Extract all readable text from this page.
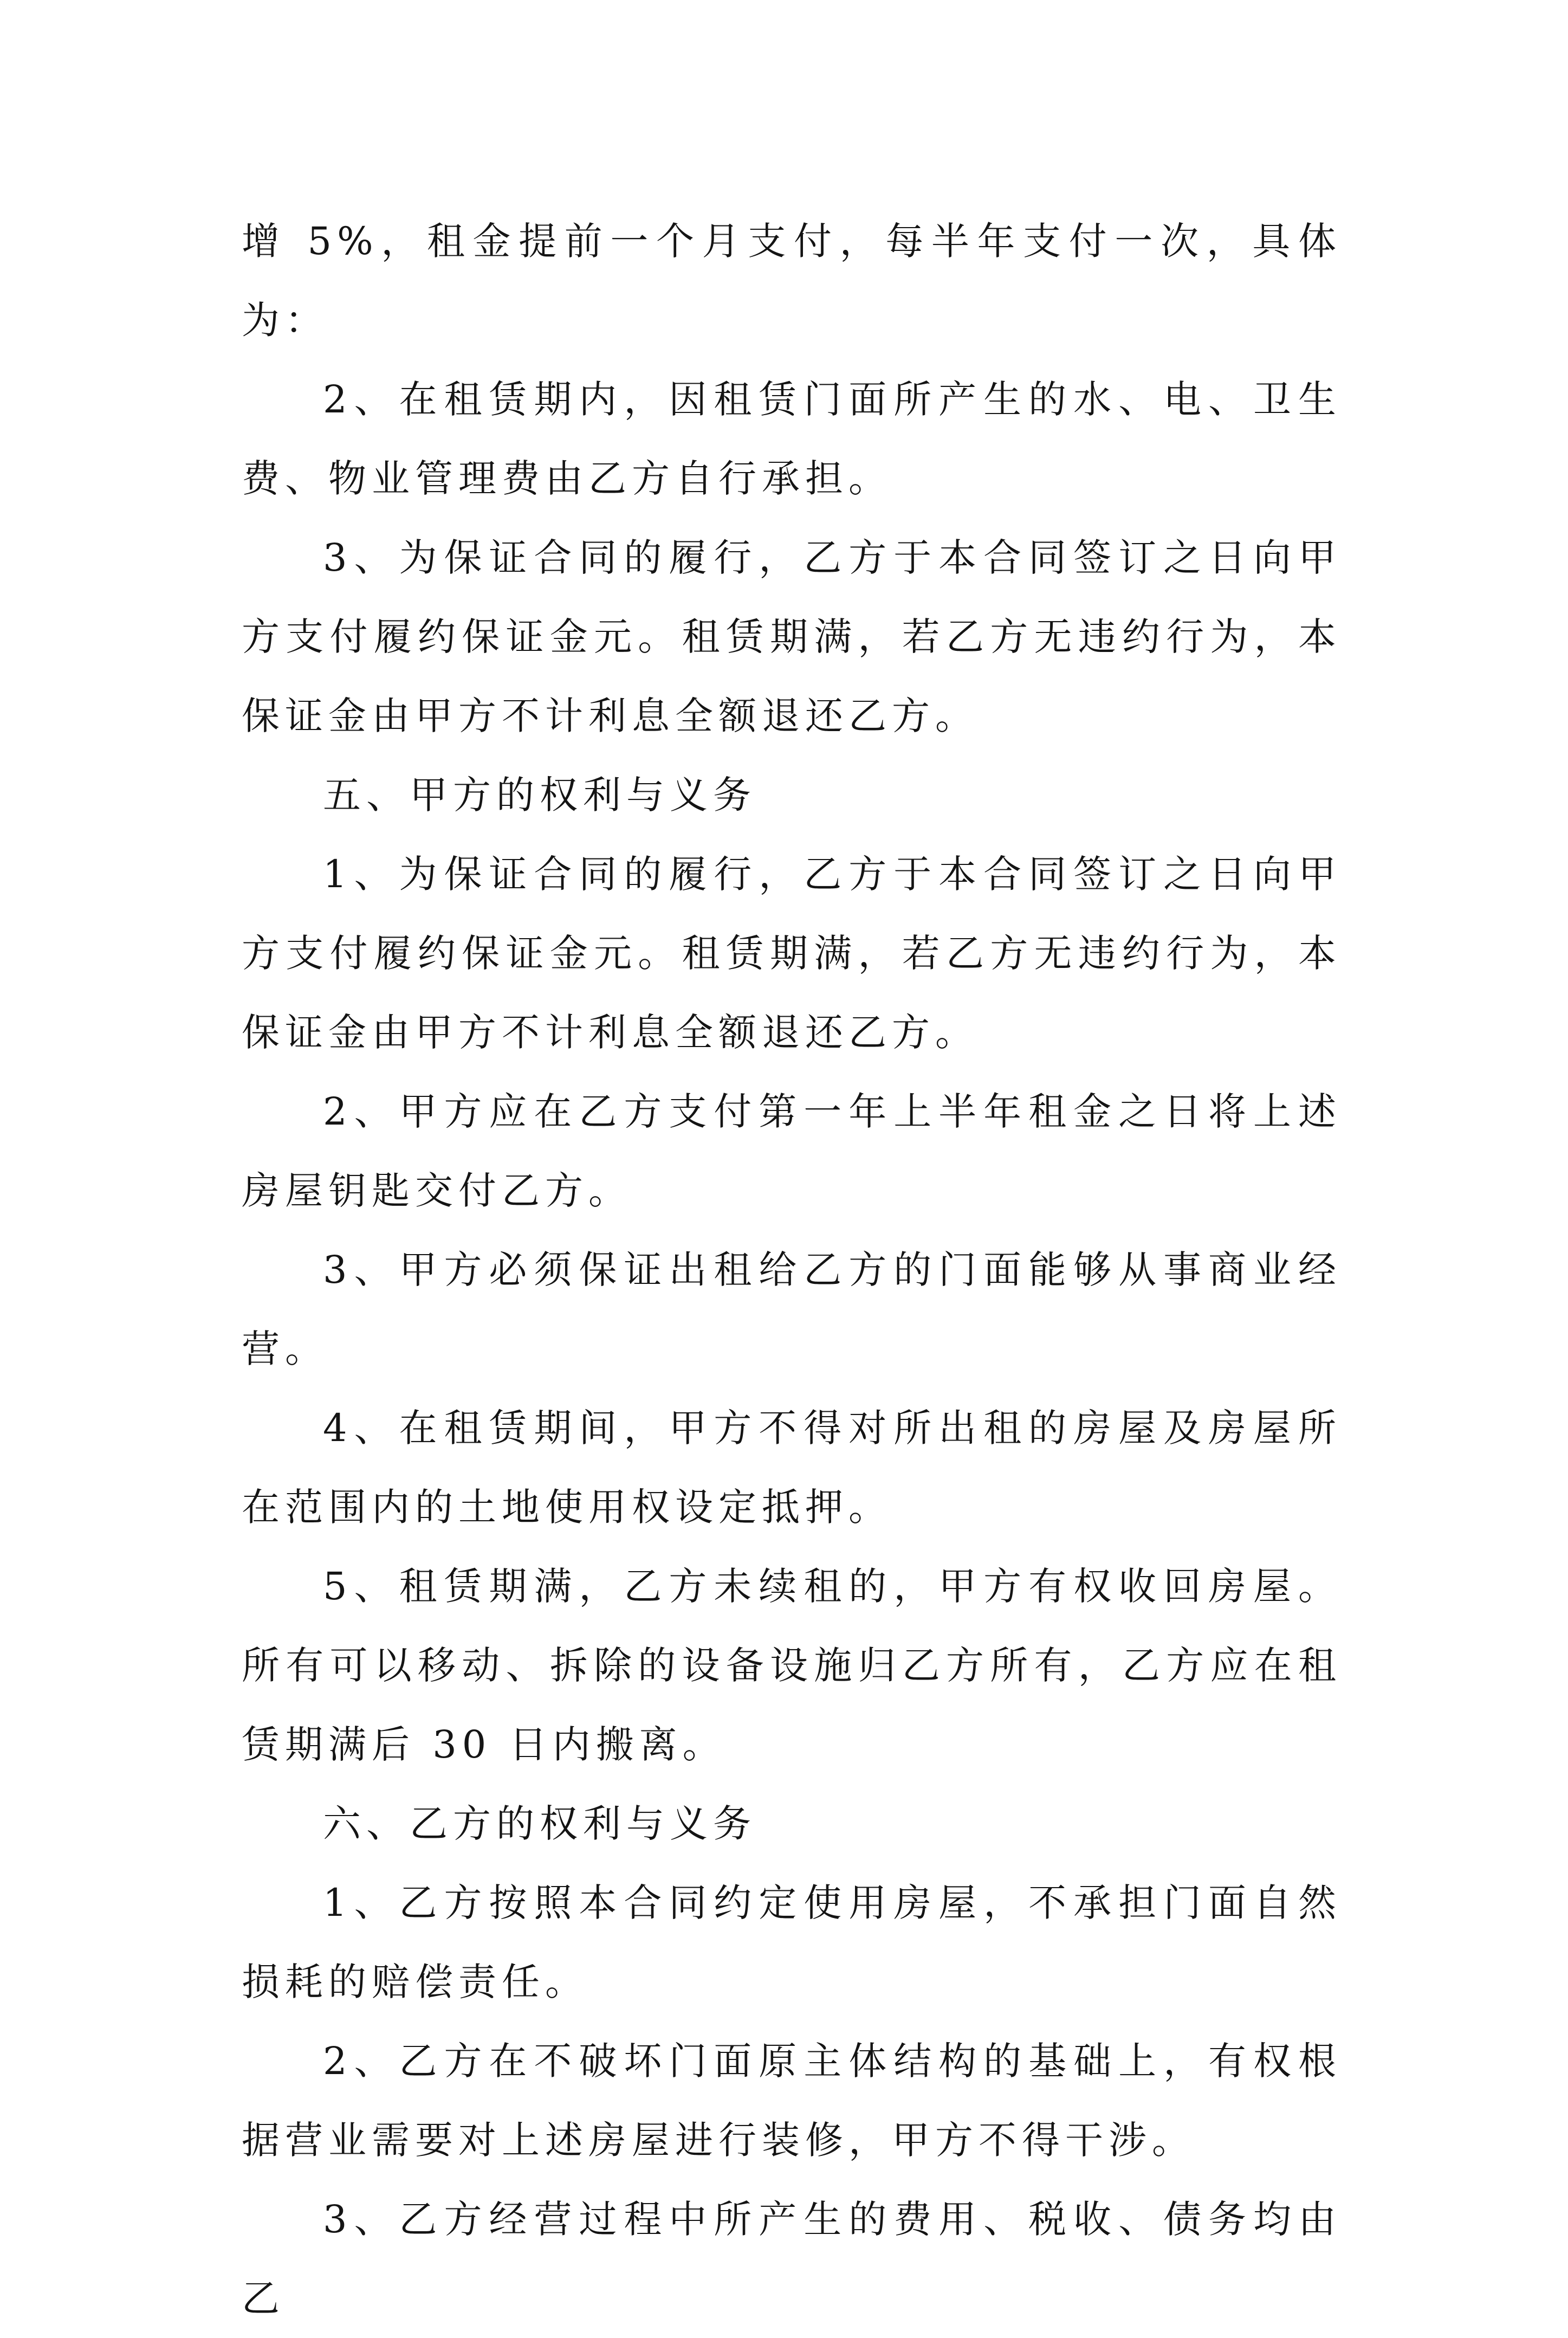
增 5%，租金提前一个月支付，每半年支付一次，具体为：

2、在租赁期内，因租赁门面所产生的水、电、卫生费、物业管理费由乙方自行承担。

3、为保证合同的履行，乙方于本合同签订之日向甲方支付履约保证金元。租赁期满，若乙方无违约行为，本保证金由甲方不计利息全额退还乙方。

五、甲方的权利与义务

1、为保证合同的履行，乙方于本合同签订之日向甲方支付履约保证金元。租赁期满，若乙方无违约行为，本保证金由甲方不计利息全额退还乙方。

2、甲方应在乙方支付第一年上半年租金之日将上述房屋钥匙交付乙方。

3、甲方必须保证出租给乙方的门面能够从事商业经营。

4、在租赁期间，甲方不得对所出租的房屋及房屋所在范围内的土地使用权设定抵押。

5、租赁期满，乙方未续租的，甲方有权收回房屋。所有可以移动、拆除的设备设施归乙方所有，乙方应在租赁期满后 30 日内搬离。

六、乙方的权利与义务

1、乙方按照本合同约定使用房屋，不承担门面自然损耗的赔偿责任。

2、乙方在不破坏门面原主体结构的基础上，有权根据营业需要对上述房屋进行装修，甲方不得干涉。

3、乙方经营过程中所产生的费用、税收、债务均由乙
